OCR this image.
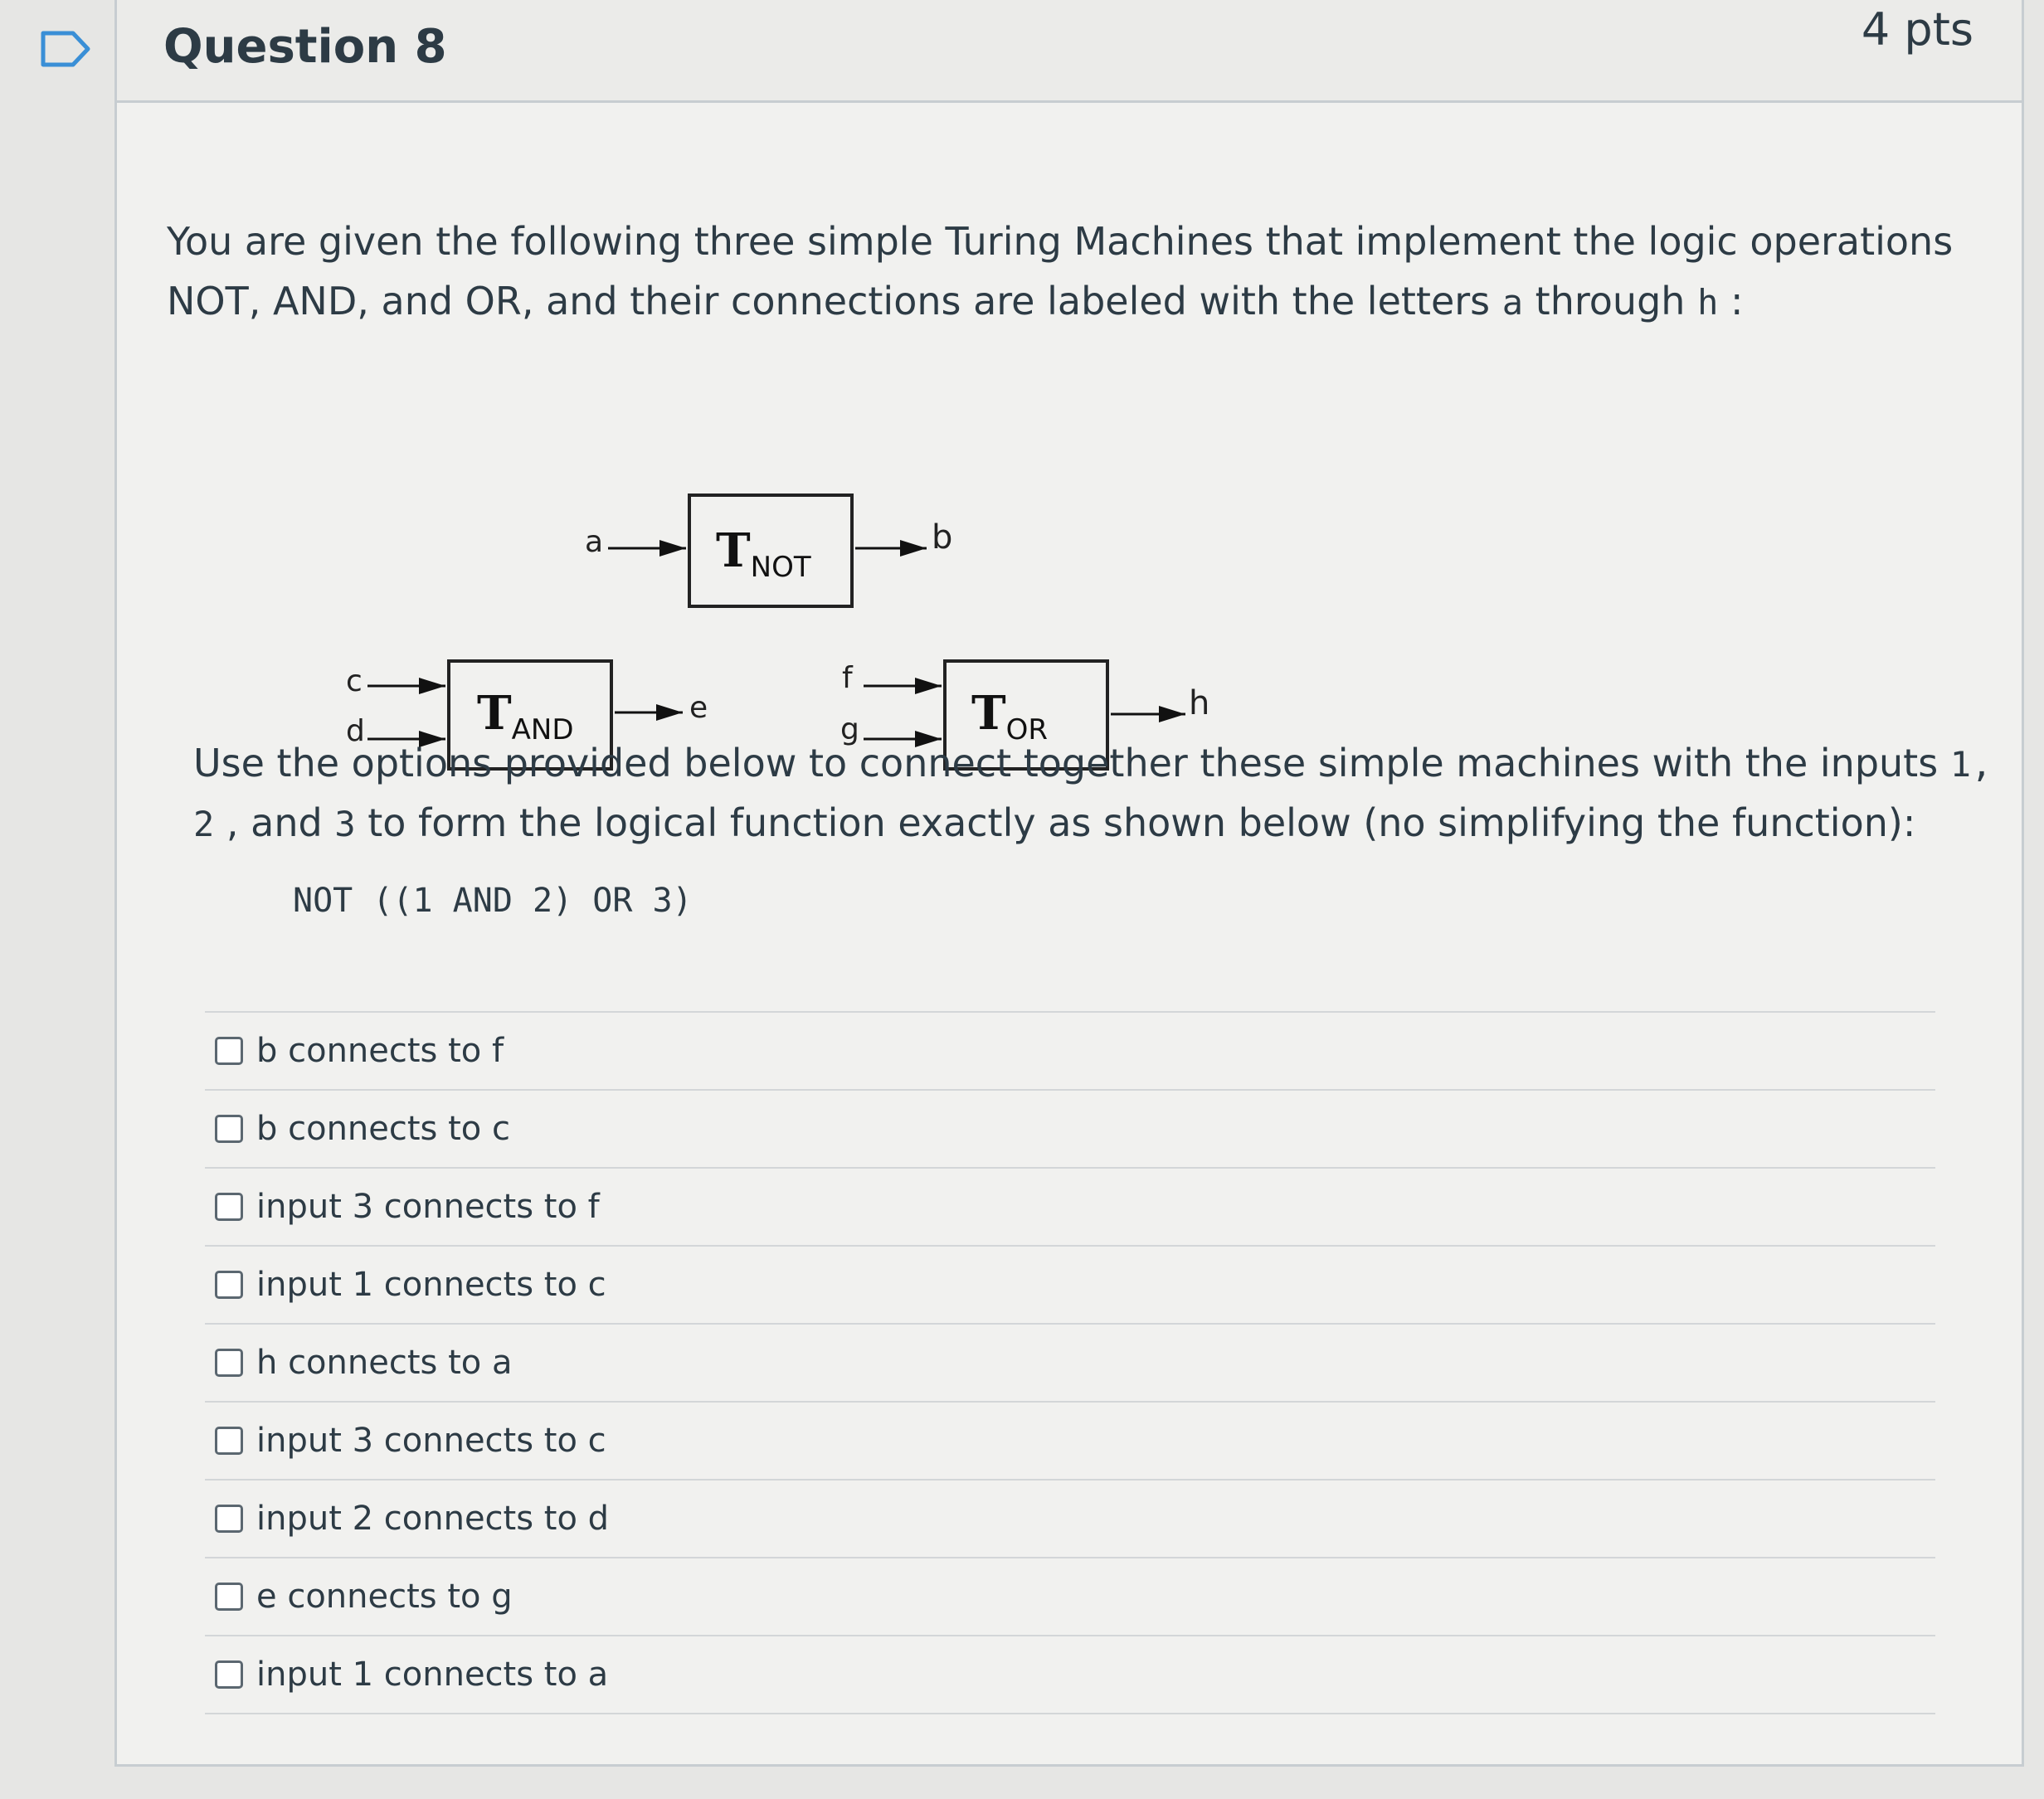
Question 8	4 pts

You are given the following three simple Turing Machines that implement the logic operations NOT, AND, and OR, and their connections are labeled with the letters a through h :

$T_{NOT}$
a	b
$T_{AND}$
c
d
e	$T_{OR}$
f
g
h

Use the options provided below to connect together these simple machines with the inputs 1, 2 , and 3 to form the logical function exactly as shown below (no simplifying the function):

NOT ((1 AND 2) OR 3)
b connects to f
b connects to c
input 3 connects to f
input 1 connects to c
h connects to a
input 3 connects to c
input 2 connects to d
e connects to g
input 1 connects to a
